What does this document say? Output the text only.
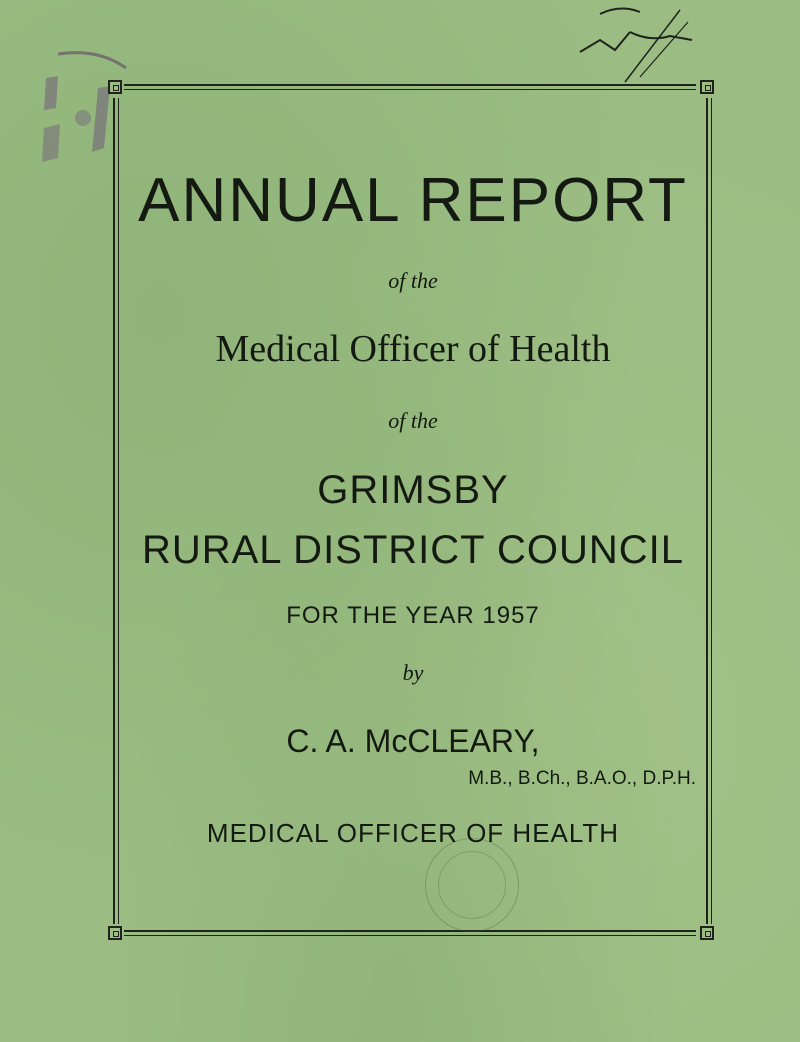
ANNUAL REPORT
of the
Medical Officer of Health
of the
GRIMSBY
RURAL DISTRICT COUNCIL
FOR THE YEAR 1957
by
C. A. McCLEARY,
M.B., B.Ch., B.A.O., D.P.H.
MEDICAL OFFICER OF HEALTH
